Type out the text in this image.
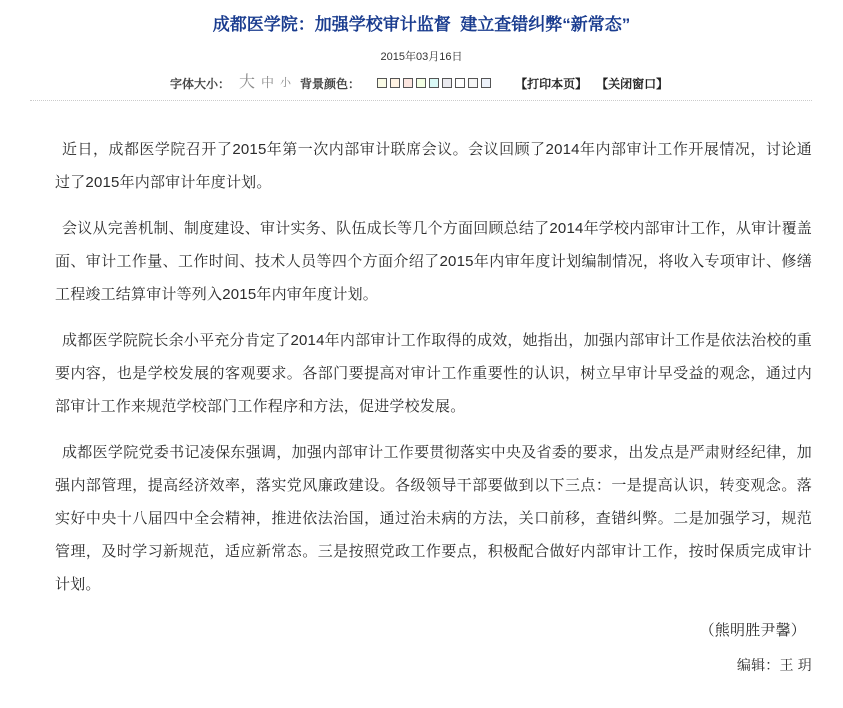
成都医学院：加强学校审计监督  建立查错纠弊“新常态”
2015年03月16日
字体大小： 大 中 小 背景颜色：	【打印本页】 【关闭窗口】

近日，成都医学院召开了2015年第一次内部审计联席会议。会议回顾了2014年内部审计工作开展情况，讨论通过了2015年内部审计年度计划。

会议从完善机制、制度建设、审计实务、队伍成长等几个方面回顾总结了2014年学校内部审计工作，从审计覆盖面、审计工作量、工作时间、技术人员等四个方面介绍了2015年内审年度计划编制情况，将收入专项审计、修缮工程竣工结算审计等列入2015年内审年度计划。

成都医学院院长余小平充分肯定了2014年内部审计工作取得的成效，她指出，加强内部审计工作是依法治校的重要内容，也是学校发展的客观要求。各部门要提高对审计工作重要性的认识，树立早审计早受益的观念，通过内部审计工作来规范学校部门工作程序和方法，促进学校发展。

成都医学院党委书记凌保东强调，加强内部审计工作要贯彻落实中央及省委的要求，出发点是严肃财经纪律，加强内部管理，提高经济效率，落实党风廉政建设。各级领导干部要做到以下三点：一是提高认识，转变观念。落实好中央十八届四中全会精神，推进依法治国，通过治未病的方法，关口前移，查错纠弊。二是加强学习，规范管理，及时学习新规范，适应新常态。三是按照党政工作要点，积极配合做好内部审计工作，按时保质完成审计计划。

（熊明胜尹馨）
编辑：王 玥
